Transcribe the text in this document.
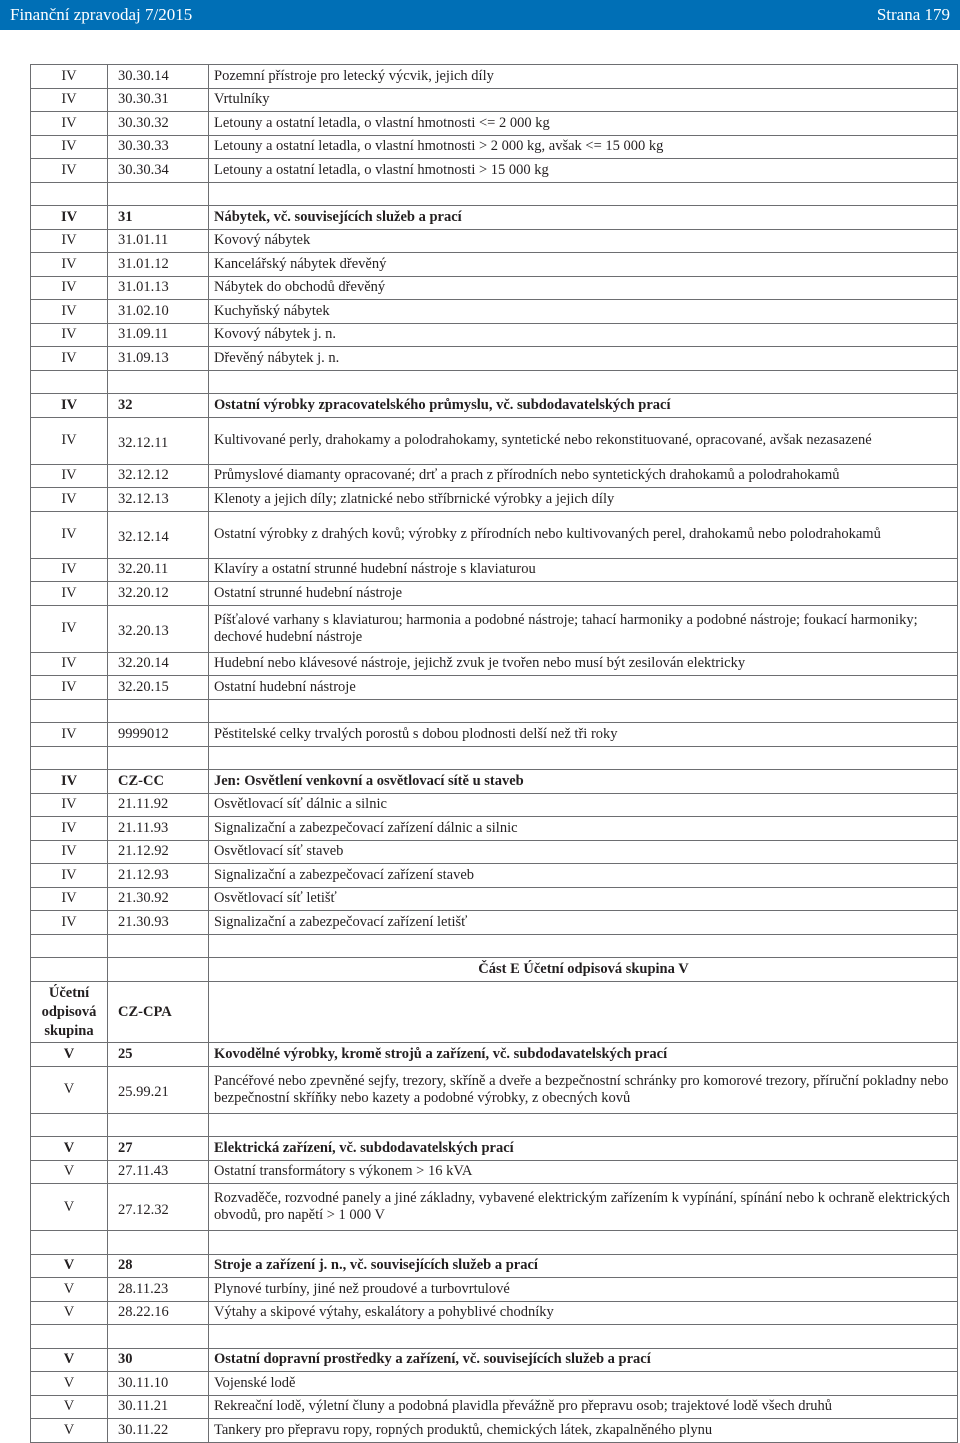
Finanční zpravodaj 7/2015	Strana 179
IV	30.30.14	Pozemní přístroje pro letecký výcvik, jejich díly
IV	30.30.31	Vrtulníky
IV	30.30.32	Letouny a ostatní letadla, o vlastní hmotnosti <= 2 000 kg
IV	30.30.33	Letouny a ostatní letadla, o vlastní hmotnosti > 2 000 kg, avšak <= 15 000 kg
IV	30.30.34	Letouny a ostatní letadla, o vlastní hmotnosti > 15 000 kg

IV	31	Nábytek, vč. souvisejících služeb a prací
IV	31.01.11	Kovový nábytek
IV	31.01.12	Kancelářský nábytek dřevěný
IV	31.01.13	Nábytek do obchodů dřevěný
IV	31.02.10	Kuchyňský nábytek
IV	31.09.11	Kovový nábytek j. n.
IV	31.09.13	Dřevěný nábytek j. n.

IV	32	Ostatní výrobky zpracovatelského průmyslu, vč. subdodavatelských prací
IV	32.12.11	Kultivované perly, drahokamy a polodrahokamy, syntetické nebo rekonstituované, opracované, avšak nezasazené
IV	32.12.12	Průmyslové diamanty opracované; drť a prach z přírodních nebo syntetických drahokamů a polodrahokamů
IV	32.12.13	Klenoty a jejich díly; zlatnické nebo stříbrnické výrobky a jejich díly
IV	32.12.14	Ostatní výrobky z drahých kovů; výrobky z přírodních nebo kultivovaných perel, drahokamů nebo polodrahokamů
IV	32.20.11	Klavíry a ostatní strunné hudební nástroje s klaviaturou
IV	32.20.12	Ostatní strunné hudební nástroje
IV	32.20.13	Píšťalové varhany s klaviaturou; harmonia a podobné nástroje; tahací harmoniky a podobné nástroje; foukací harmoniky; dechové hudební nástroje
IV	32.20.14	Hudební nebo klávesové nástroje, jejichž zvuk je tvořen nebo musí být zesilován elektricky
IV	32.20.15	Ostatní hudební nástroje

IV	9999012	Pěstitelské celky trvalých porostů s dobou plodnosti delší než tři roky

IV	CZ-CC	Jen: Osvětlení venkovní a osvětlovací sítě u staveb
IV	21.11.92	Osvětlovací síť dálnic a silnic
IV	21.11.93	Signalizační a zabezpečovací zařízení dálnic a silnic
IV	21.12.92	Osvětlovací síť staveb
IV	21.12.93	Signalizační a zabezpečovací zařízení staveb
IV	21.30.92	Osvětlovací síť letišť
IV	21.30.93	Signalizační a zabezpečovací zařízení letišť

		Část E Účetní odpisová skupina V
Účetní odpisová skupina	CZ-CPA	
V	25	Kovodělné výrobky, kromě strojů a zařízení, vč. subdodavatelských prací
V	25.99.21	Pancéřové nebo zpevněné sejfy, trezory, skříně a dveře a bezpečnostní schránky pro komorové trezory, příruční pokladny nebo bezpečnostní skříňky nebo kazety a podobné výrobky, z obecných kovů

V	27	Elektrická zařízení, vč. subdodavatelských prací
V	27.11.43	Ostatní transformátory s výkonem > 16 kVA
V	27.12.32	Rozvaděče, rozvodné panely a jiné základny, vybavené elektrickým zařízením k vypínání, spínání nebo k ochraně elektrických obvodů, pro napětí > 1 000 V

V	28	Stroje a zařízení j. n., vč. souvisejících služeb a prací
V	28.11.23	Plynové turbíny, jiné než proudové a turbovrtulové
V	28.22.16	Výtahy a skipové výtahy, eskalátory a pohyblivé chodníky

V	30	Ostatní dopravní prostředky a zařízení, vč. souvisejících služeb a prací
V	30.11.10	Vojenské lodě
V	30.11.21	Rekreační lodě, výletní čluny a podobná plavidla převážně pro přepravu osob; trajektové lodě všech druhů
V	30.11.22	Tankery pro přepravu ropy, ropných produktů, chemických látek, zkapalněného plynu
